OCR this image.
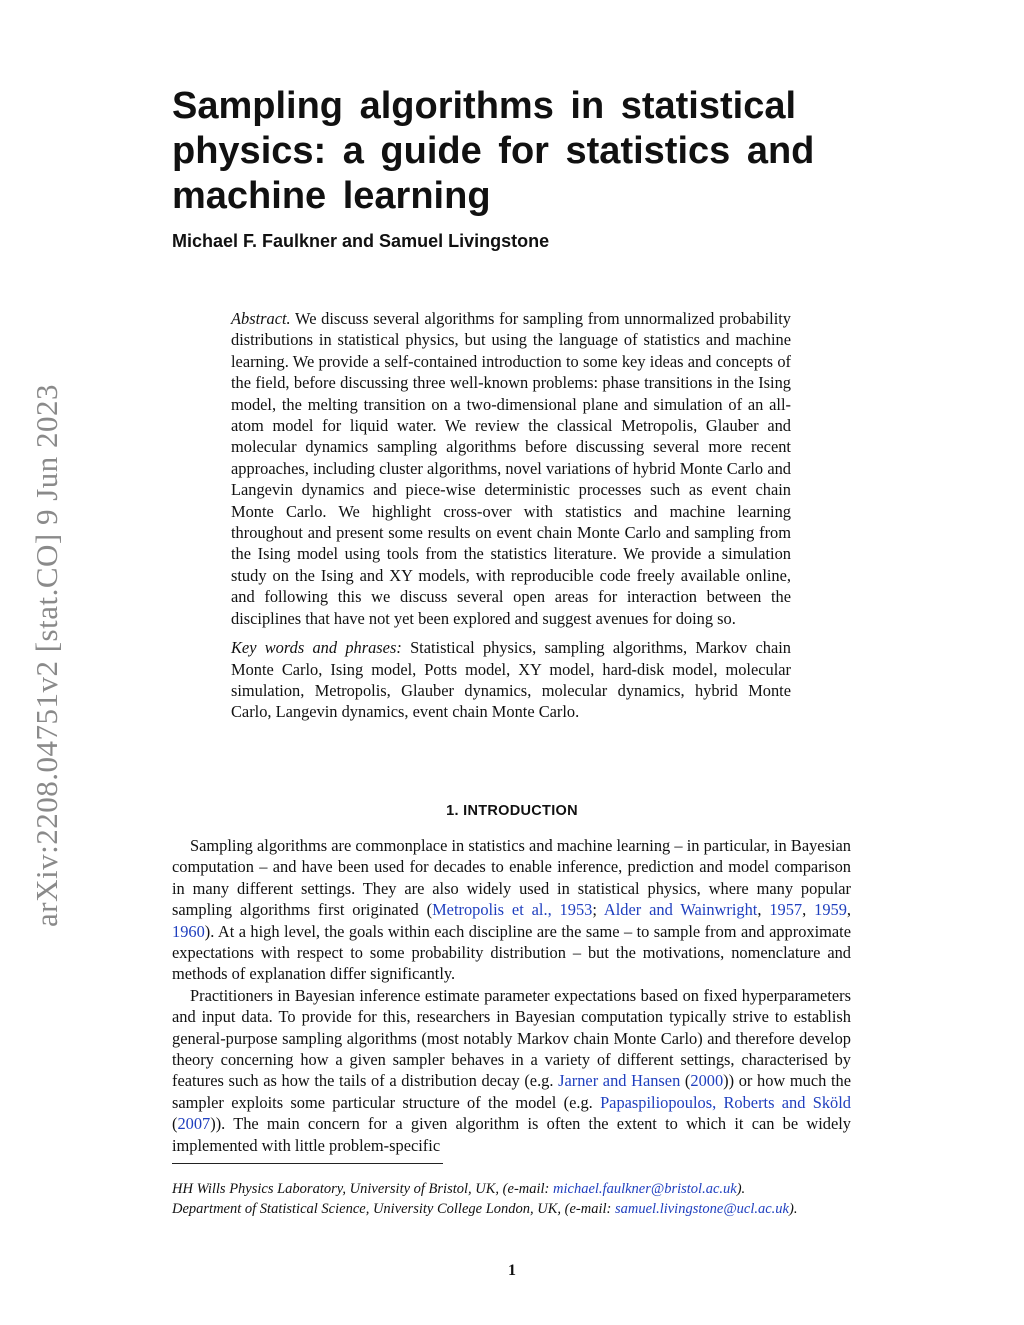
arXiv:2208.04751v2 [stat.CO] 9 Jun 2023
Sampling algorithms in statistical physics: a guide for statistics and machine learning
Michael F. Faulkner and Samuel Livingstone

Abstract. We discuss several algorithms for sampling from unnormalized probability distributions in statistical physics, but using the language of statistics and machine learning. We provide a self-contained introduction to some key ideas and concepts of the field, before discussing three well-known problems: phase transitions in the Ising model, the melting transition on a two-dimensional plane and simulation of an all-atom model for liquid water. We review the classical Metropolis, Glauber and molecular dynamics sampling algorithms before discussing several more recent approaches, including cluster algorithms, novel variations of hybrid Monte Carlo and Langevin dynamics and piece-wise deterministic processes such as event chain Monte Carlo. We highlight cross-over with statistics and machine learning throughout and present some results on event chain Monte Carlo and sampling from the Ising model using tools from the statistics literature. We provide a simulation study on the Ising and XY models, with reproducible code freely available online, and following this we discuss several open areas for interaction between the disciplines that have not yet been explored and suggest avenues for doing so.

Key words and phrases: Statistical physics, sampling algorithms, Markov chain Monte Carlo, Ising model, Potts model, XY model, hard-disk model, molecular simulation, Metropolis, Glauber dynamics, molecular dynamics, hybrid Monte Carlo, Langevin dynamics, event chain Monte Carlo.

1. INTRODUCTION

Sampling algorithms are commonplace in statistics and machine learning – in particular, in Bayesian computation – and have been used for decades to enable inference, prediction and model comparison in many different settings. They are also widely used in statistical physics, where many popular sampling algorithms first originated (Metropolis et al., 1953; Alder and Wainwright, 1957, 1959, 1960). At a high level, the goals within each discipline are the same – to sample from and approximate expectations with respect to some probability distribution – but the motivations, nomenclature and methods of explanation differ significantly.

Practitioners in Bayesian inference estimate parameter expectations based on fixed hyperparameters and input data. To provide for this, researchers in Bayesian computation typically strive to establish general-purpose sampling algorithms (most notably Markov chain Monte Carlo) and therefore develop theory concerning how a given sampler behaves in a variety of different settings, characterised by features such as how the tails of a distribution decay (e.g. Jarner and Hansen (2000)) or how much the sampler exploits some particular structure of the model (e.g. Papaspiliopoulos, Roberts and Sköld (2007)). The main concern for a given algorithm is often the extent to which it can be widely implemented with little problem-specific

HH Wills Physics Laboratory, University of Bristol, UK, (e-mail: michael.faulkner@bristol.ac.uk).

Department of Statistical Science, University College London, UK, (e-mail: samuel.livingstone@ucl.ac.uk).

1
